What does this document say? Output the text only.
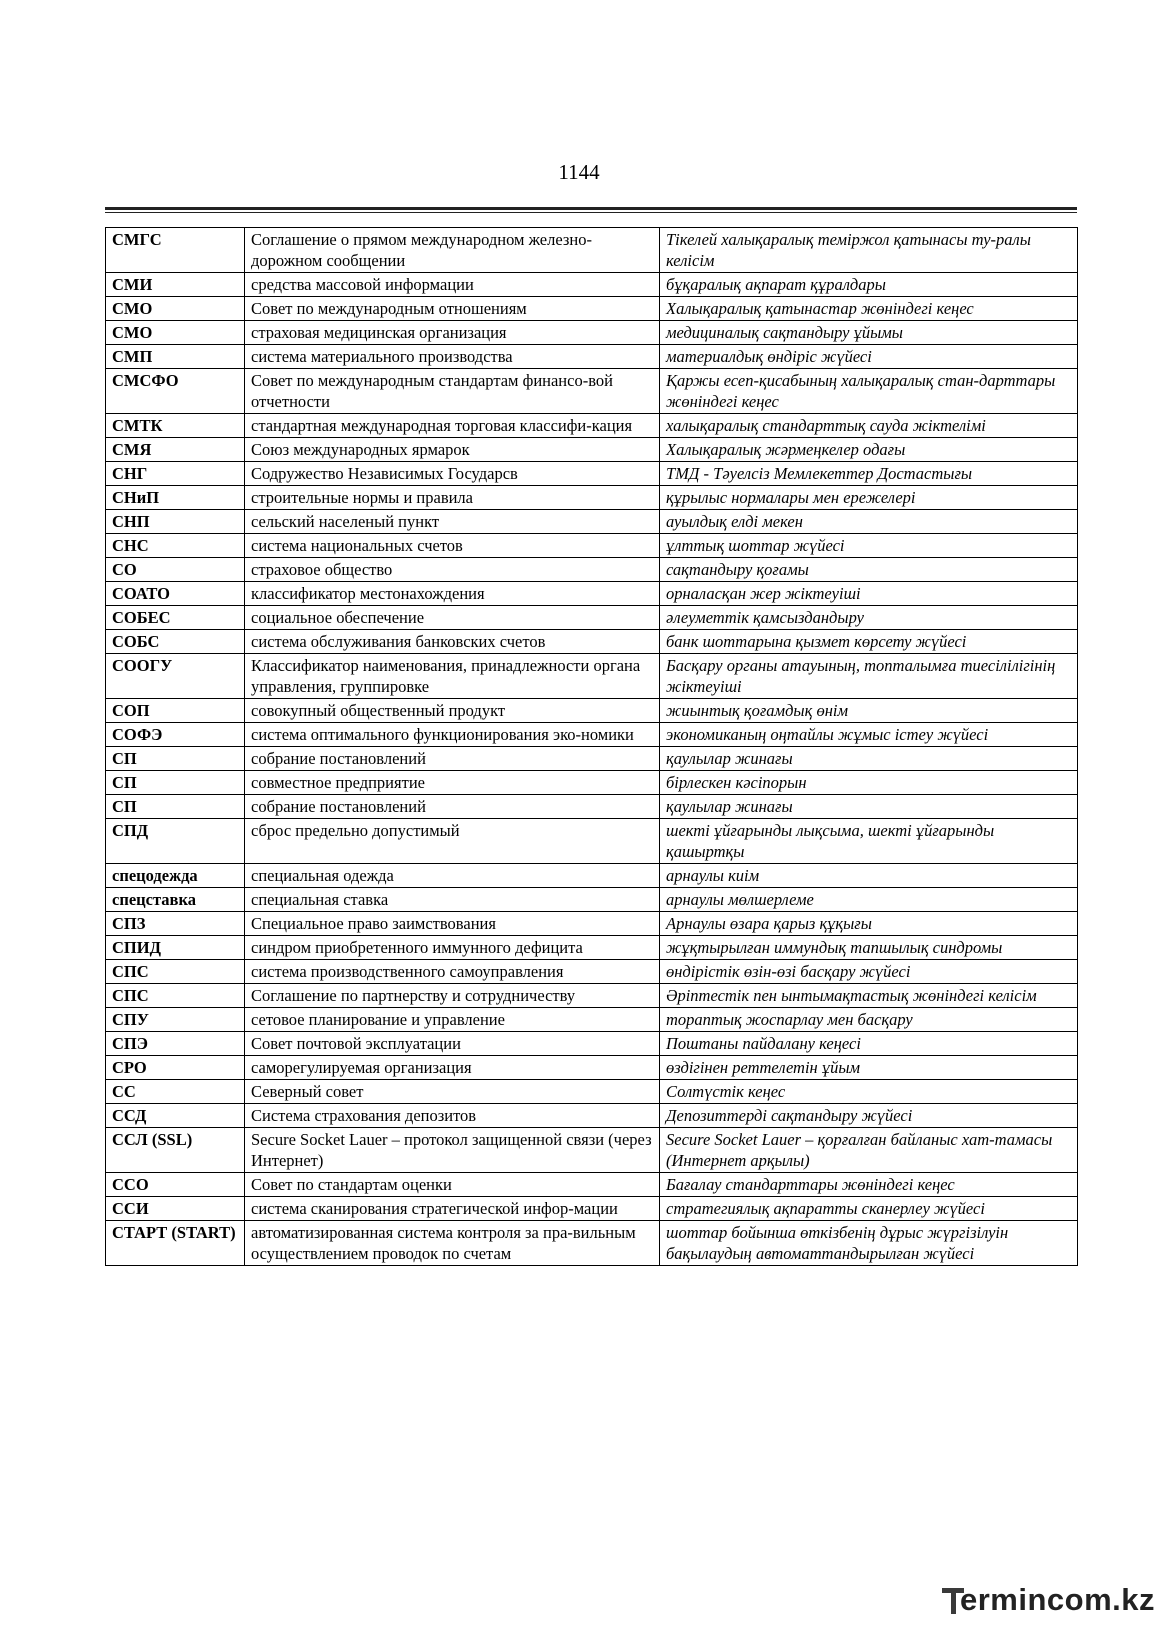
1144
СМГС	Соглашение о прямом международном железно-дорожном сообщении	Тікелей халықаралық теміржол қатынасы ту-ралы келісім
СМИ	средства массовой информации	бұқаралық ақпарат құралдары
СМО	Совет по международным отношениям	Халықаралық қатынастар жөніндегі кеңес
СМО	страховая медицинская организация	медициналық сақтандыру ұйымы
СМП	система материального производства	материалдық өндіріс жүйесі
СМСФО	Совет по международным стандартам финансо-вой отчетности	Қаржы есеп-қисабының халықаралық стан-дарттары жөніндегі кеңес
СМТК	стандартная международная торговая классифи-кация	халықаралық стандарттық сауда жіктелімі
СМЯ	Союз международных ярмарок	Халықаралық жәрмеңкелер одағы
СНГ	Содружество Независимых Государсв	ТМД - Тәуелсіз Мемлекеттер Достастығы
СНиП	строительные нормы и правила	құрылыс нормалары мен ережелері
СНП	сельский населеный пункт	ауылдық елді мекен
СНС	система национальных счетов	ұлттық шоттар жүйесі
СО	страховое общество	сақтандыру қоғамы
СОАТО	классификатор местонахождения	орналасқан жер жіктеуіші
СОБЕС	социальное обеспечение	әлеуметтік қамсыздандыру
СОБС	система обслуживания банковских счетов	банк шоттарына қызмет көрсету жүйесі
СООГУ	Классификатор наименования, принадлежности органа управления, группировке	Басқару органы атауының, топталымға тиесілілігінің жіктеуіші
СОП	совокупный общественный продукт	жиынтық қоғамдық өнім
СОФЭ	система оптимального функционирования эко-номики	экономиканың оңтайлы жұмыс істеу жүйесі
СП	собрание постановлений	қаулылар жинағы
СП	совместное предприятие	бірлескен кәсіпорын
СП	собрание постановлений	қаулылар жинағы
СПД	сброс предельно допустимый	шекті ұйғарынды лықсыма, шекті ұйғарынды қашыртқы
спецодежда	специальная одежда	арнаулы киім
спецставка	специальная ставка	арнаулы мөлшерлеме
СПЗ	Специальное право заимствования	Арнаулы өзара қарыз құқығы
СПИД	синдром приобретенного иммунного дефицита	жұқтырылған иммундық тапшылық синдромы
СПС	система производственного самоуправления	өндірістік өзін-өзі басқару жүйесі
СПС	Соглашение по партнерству и сотрудничеству	Әріптестік пен ынтымақтастық жөніндегі келісім
СПУ	сетовое планирование и управление	тораптық жоспарлау мен басқару
СПЭ	Совет почтовой эксплуатации	Поштаны пайдалану кеңесі
СРО	саморегулируемая организация	өздігінен реттелетін ұйым
СС	Северный совет	Солтүстік кеңес
ССД	Система страхования депозитов	Депозиттерді сақтандыру жүйесі
ССЛ (SSL)	Secure Socket Lauer – протокол защищенной связи (через Интернет)	Secure Socket Lauer – қорғалған байланыс хат-тамасы (Интернет арқылы)
ССО	Совет по стандартам оценки	Бағалау стандарттары жөніндегі кеңес
ССИ	система сканирования стратегической инфор-мации	стратегиялық ақпаратты сканерлеу жүйесі
СТАРТ (START)	автоматизированная система контроля за пра-вильным осуществлением проводок по счетам	шоттар бойынша өткізбенің дұрыс жүргізілуін бақылаудың автоматтандырылған жүйесі
ermincom.kz
